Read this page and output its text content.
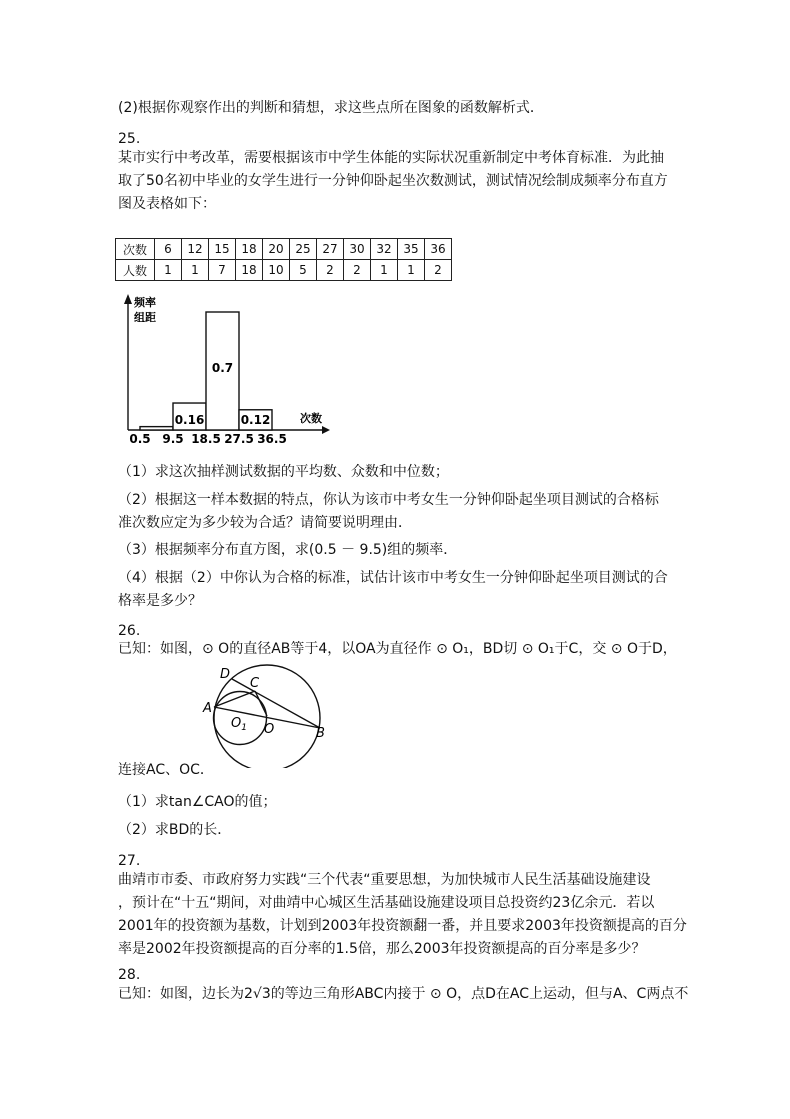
(2)根据你观察作出的判断和猜想，求这些点所在图象的函数解析式．
25.
某市实行中考改革，需要根据该市中学生体能的实际状况重新制定中考体育标准．为此抽
取了50名初中毕业的女学生进行一分钟仰卧起坐次数测试，测试情况绘制成频率分布直方
图及表格如下：
次数	6	12	15	18	20	25	27	30	32	35	36
人数	1	1	7	18	10	5	2	2	1	1	2
频率
组距
次数
0.16
0.7
0.12
0.5 9.5 18.5 27.5 36.5
（1）求这次抽样测试数据的平均数、众数和中位数；
（2）根据这一样本数据的特点，你认为该市中考女生一分钟仰卧起坐项目测试的合格标
准次数应定为多少较为合适？请简要说明理由．
（3）根据频率分布直方图，求(0.5 － 9.5)组的频率．
（4）根据（2）中你认为合格的标准，试估计该市中考女生一分钟仰卧起坐项目测试的合
格率是多少？
26.
已知：如图，⊙ O的直径AB等于4，以OA为直径作 ⊙ O₁，BD切 ⊙ O₁于C，交 ⊙ O于D，
D
C
A
$O_1$ O	B
连接AC、OC．
（1）求tan∠CAO的值；
（2）求BD的长．
27.
曲靖市市委、市政府努力实践“三个代表“重要思想，为加快城市人民生活基础设施建设
，预计在“十五“期间，对曲靖中心城区生活基础设施建设项目总投资约23亿余元．若以
2001年的投资额为基数，计划到2003年投资额翻一番，并且要求2003年投资额提高的百分
率是2002年投资额提高的百分率的1.5倍，那么2003年投资额提高的百分率是多少？
28.
已知：如图，边长为2√3的等边三角形ABC内接于 ⊙ O，点D在AC上运动，但与A、C两点不
